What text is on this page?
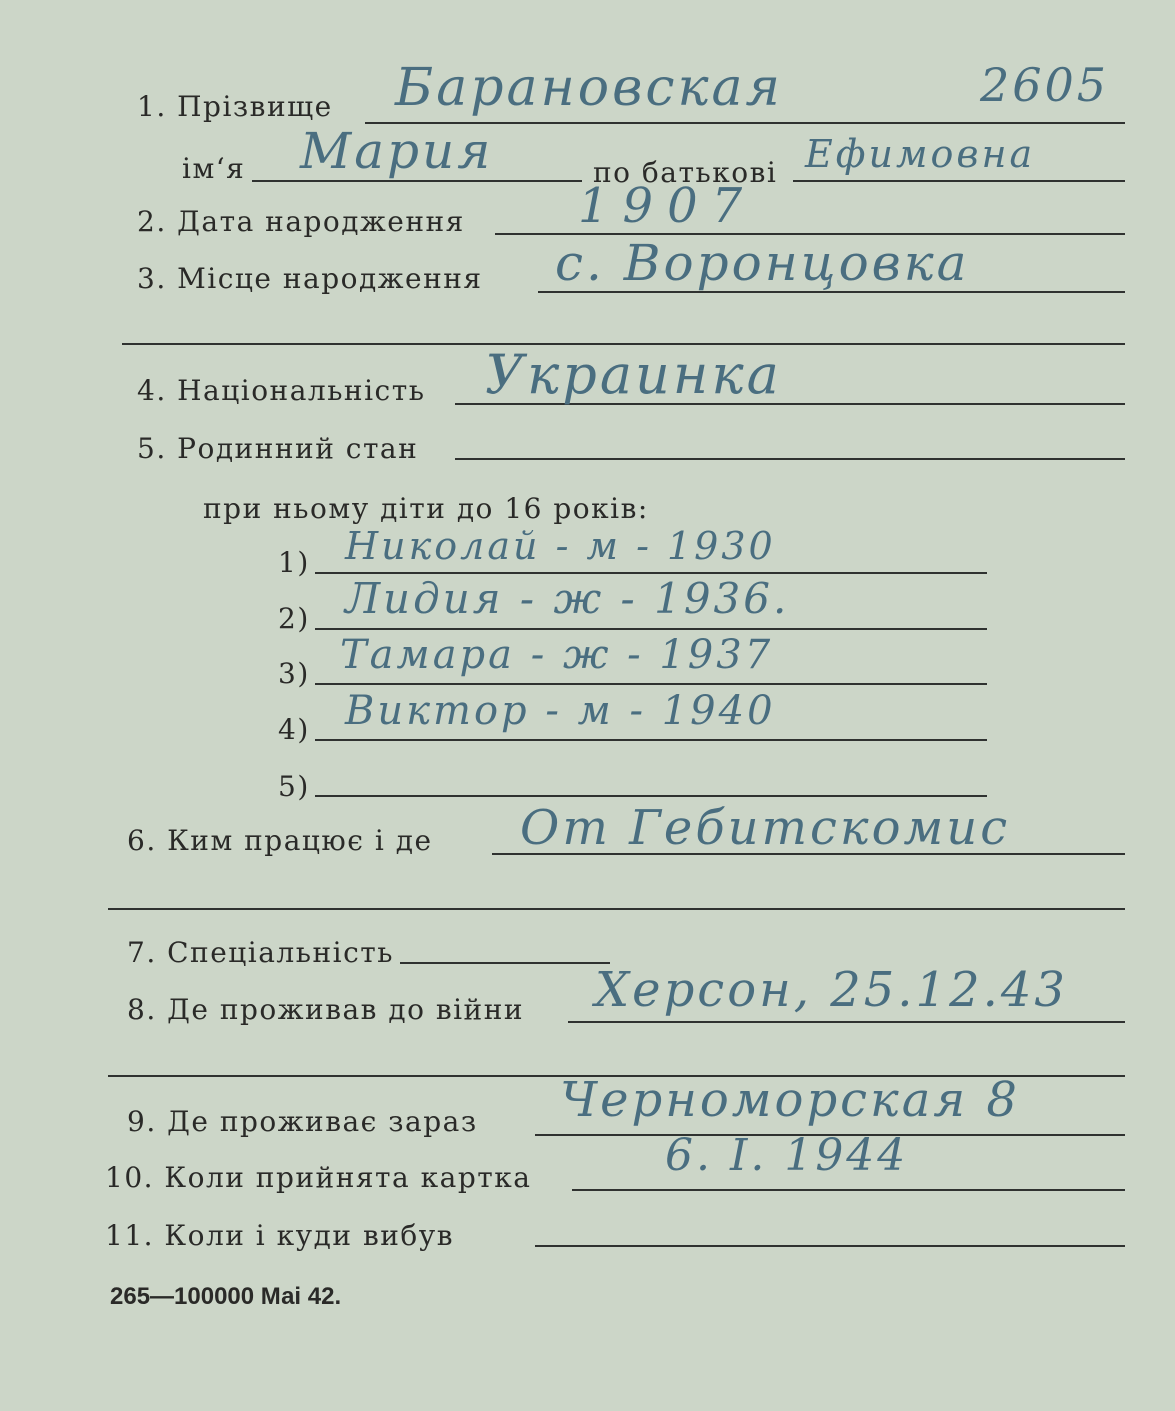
1. Прізвище Барановская	2605
ім‘я Мария	по батькові Ефимовна
2. Дата народження 1907
3. Місце народження с. Воронцовка
4. Національність Украинка
5. Родинний стан
при ньому діти до 16 років:
1) Николай - м - 1930
2) Лидия - ж - 1936.
3) Тамара - ж - 1937
4) Виктор - м - 1940
5)
6. Ким працює і де От Гебитскомис
7. Спеціальність
8. Де проживав до війни Херсон, 25.12.43
9. Де проживає зараз Черноморская 8
10. Коли прийнята картка	6. I. 1944
11. Коли і куди вибув
265—100000 Маі 42.
